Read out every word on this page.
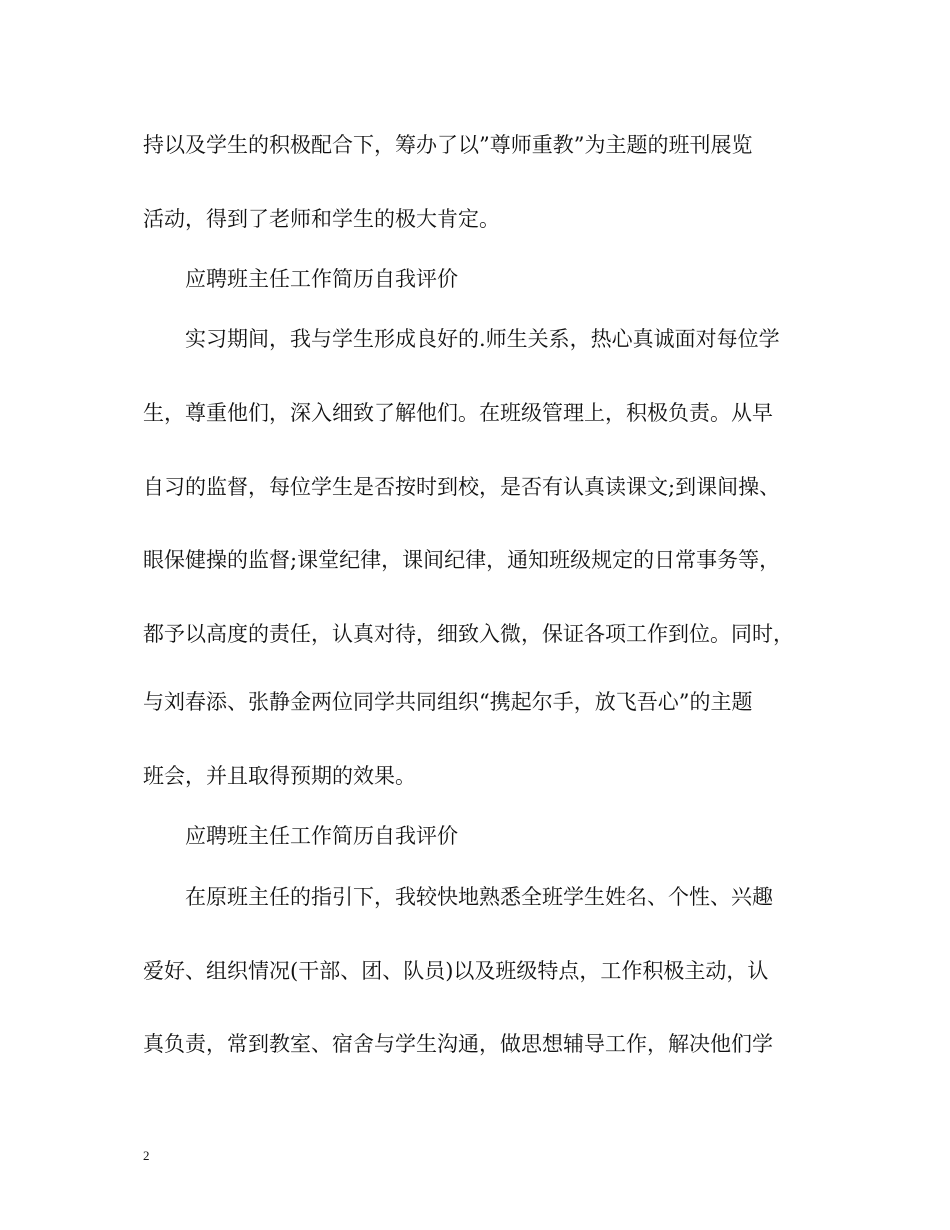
持以及学生的积极配合下，筹办了以”尊师重教”为主题的班刊展览

活动，得到了老师和学生的极大肯定。

应聘班主任工作简历自我评价

实习期间，我与学生形成良好的.师生关系，热心真诚面对每位学

生，尊重他们，深入细致了解他们。在班级管理上，积极负责。从早

自习的监督，每位学生是否按时到校，是否有认真读课文;到课间操、

眼保健操的监督;课堂纪律，课间纪律，通知班级规定的日常事务等，

都予以高度的责任，认真对待，细致入微，保证各项工作到位。同时，

与刘春添、张静金两位同学共同组织“携起尔手，放飞吾心”的主题

班会，并且取得预期的效果。

应聘班主任工作简历自我评价

在原班主任的指引下，我较快地熟悉全班学生姓名、个性、兴趣

爱好、组织情况(干部、团、队员)以及班级特点，工作积极主动，认

真负责，常到教室、宿舍与学生沟通，做思想辅导工作，解决他们学

2
